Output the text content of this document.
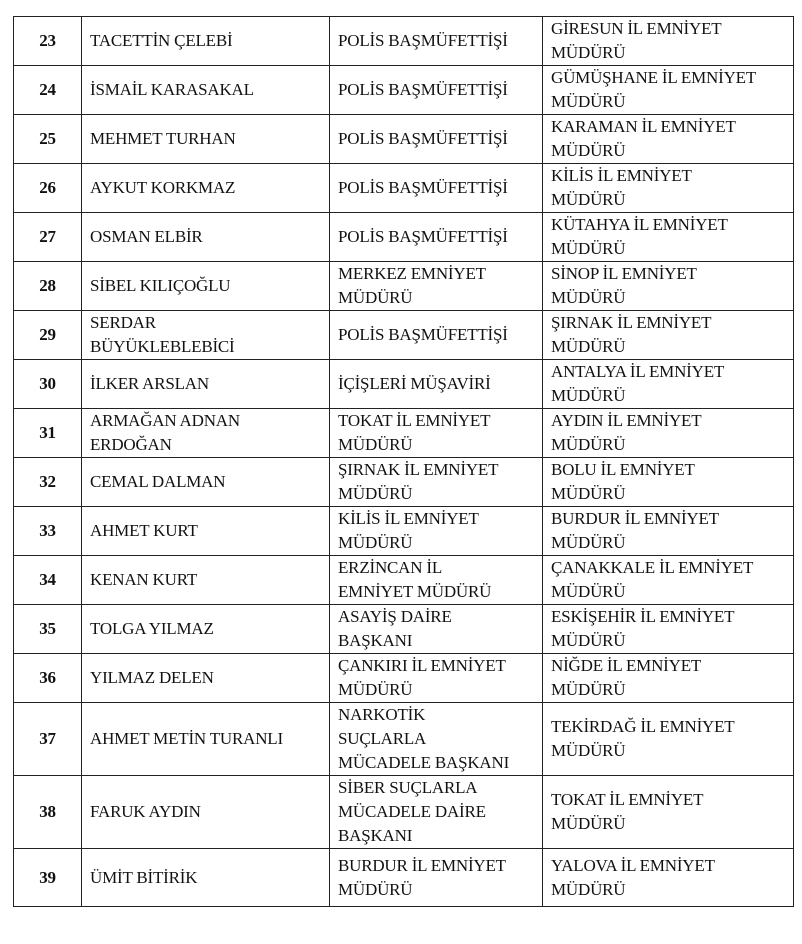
23	TACETTİN ÇELEBİ	POLİS BAŞMÜFETTİŞİ	GİRESUN İL EMNİYET
MÜDÜRÜ

24	İSMAİL KARASAKAL	POLİS BAŞMÜFETTİŞİ	GÜMÜŞHANE İL EMNİYET
MÜDÜRÜ

25	MEHMET TURHAN	POLİS BAŞMÜFETTİŞİ	KARAMAN İL EMNİYET
MÜDÜRÜ

26	AYKUT KORKMAZ	POLİS BAŞMÜFETTİŞİ	KİLİS İL EMNİYET
MÜDÜRÜ

27	OSMAN ELBİR	POLİS BAŞMÜFETTİŞİ	KÜTAHYA İL EMNİYET
MÜDÜRÜ

28	SİBEL KILIÇOĞLU	MERKEZ EMNİYET
MÜDÜRÜ	SİNOP İL EMNİYET
MÜDÜRÜ

29	SERDAR
BÜYÜKLEBLEBİCİ	POLİS BAŞMÜFETTİŞİ	ŞIRNAK İL EMNİYET
MÜDÜRÜ

30	İLKER ARSLAN	İÇİŞLERİ MÜŞAVİRİ	ANTALYA İL EMNİYET
MÜDÜRÜ

31	ARMAĞAN ADNAN
ERDOĞAN	TOKAT İL EMNİYET
MÜDÜRÜ	AYDIN İL EMNİYET
MÜDÜRÜ

32	CEMAL DALMAN	ŞIRNAK İL EMNİYET
MÜDÜRÜ	BOLU İL EMNİYET
MÜDÜRÜ

33	AHMET KURT	KİLİS İL EMNİYET
MÜDÜRÜ	BURDUR İL EMNİYET
MÜDÜRÜ

34	KENAN KURT	ERZİNCAN İL
EMNİYET MÜDÜRÜ	ÇANAKKALE İL EMNİYET
MÜDÜRÜ

35	TOLGA YILMAZ	ASAYİŞ DAİRE
BAŞKANI	ESKİŞEHİR İL EMNİYET
MÜDÜRÜ

36	YILMAZ DELEN	ÇANKIRI İL EMNİYET
MÜDÜRÜ	NİĞDE İL EMNİYET
MÜDÜRÜ

37	AHMET METİN TURANLI	NARKOTİK
SUÇLARLA
MÜCADELE BAŞKANI	TEKİRDAĞ İL EMNİYET
MÜDÜRÜ

38	FARUK AYDIN	SİBER SUÇLARLA
MÜCADELE DAİRE
BAŞKANI	TOKAT İL EMNİYET
MÜDÜRÜ

39	ÜMİT BİTİRİK	BURDUR İL EMNİYET
MÜDÜRÜ	YALOVA İL EMNİYET
MÜDÜRÜ
